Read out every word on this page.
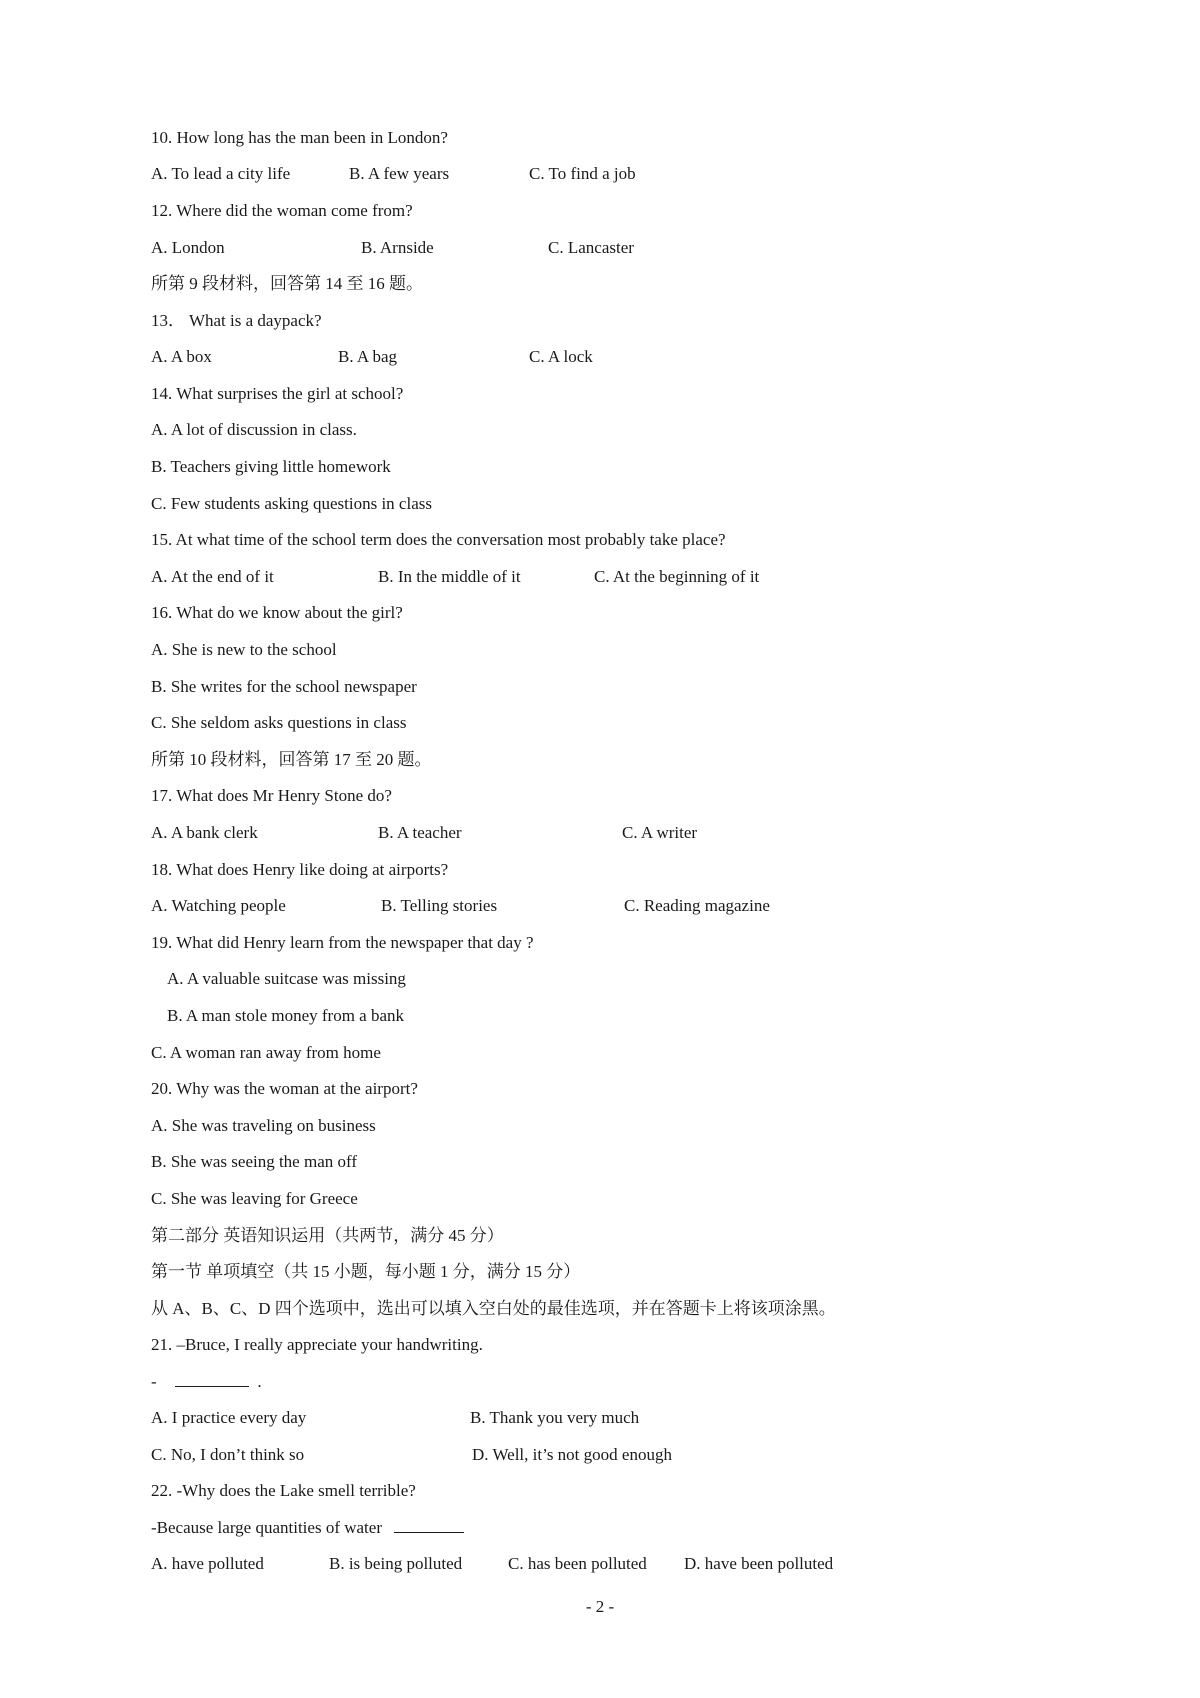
10. How long has the man been in London?
A. To lead a city life	B. A few years	C. To find a job
12. Where did the woman come from?
A. London	B. Arnside	C. Lancaster
所第 9 段材料，回答第 14 至 16 题。
13． What is a daypack?
A. A box	B. A bag	C. A lock
14. What surprises the girl at school?
A. A lot of discussion in class.
B. Teachers giving little homework
C. Few students asking questions in class
15. At what time of the school term does the conversation most probably take place?
A. At the end of it	B. In the middle of it	C. At the beginning of it
16. What do we know about the girl?
A. She is new to the school
B. She writes for the school newspaper
C. She seldom asks questions in class
所第 10 段材料，回答第 17 至 20 题。
17. What does Mr Henry Stone do?
A. A bank clerk	B. A teacher	C. A writer
18. What does Henry like doing at airports?
A. Watching people	B. Telling stories	C. Reading magazine
19. What did Henry learn from the newspaper that day ?
A. A valuable suitcase was missing
B. A man stole money from a bank
C. A woman ran away from home
20. Why was the woman at the airport?
A. She was traveling on business
B. She was seeing the man off
C. She was leaving for Greece
第二部分 英语知识运用（共两节，满分 45 分）
第一节 单项填空（共 15 小题，每小题 1 分，满分 15 分）
从 A、B、C、D 四个选项中，选出可以填入空白处的最佳选项，并在答题卡上将该项涂黑。
21. –Bruce, I really appreciate your handwriting.
-	.
A. I practice every day	B. Thank you very much
C. No, I don’t think so	D. Well, it’s not good enough
22. -Why does the Lake smell terrible?
-Because large quantities of water
A. have polluted	B. is being polluted	C. has been polluted D. have been polluted
- 2 -
